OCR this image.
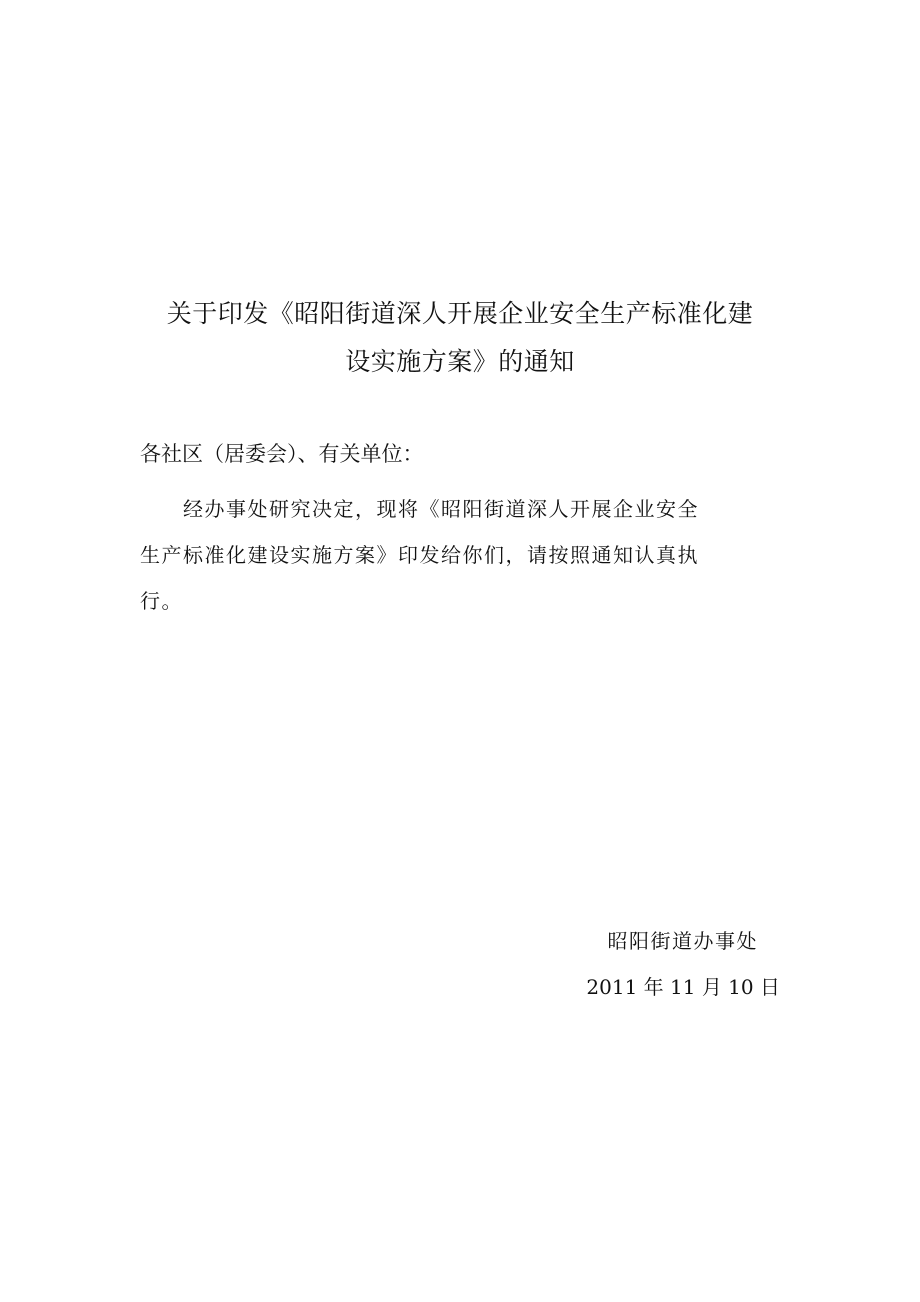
关于印发《昭阳街道深人开展企业安全生产标准化建
设实施方案》的通知
各社区（居委会）、有关单位：
　　经办事处研究决定，现将《昭阳街道深人开展企业安全
生产标准化建设实施方案》印发给你们，请按照通知认真执
行。
昭阳街道办事处
2011 年 11 月 10 日
